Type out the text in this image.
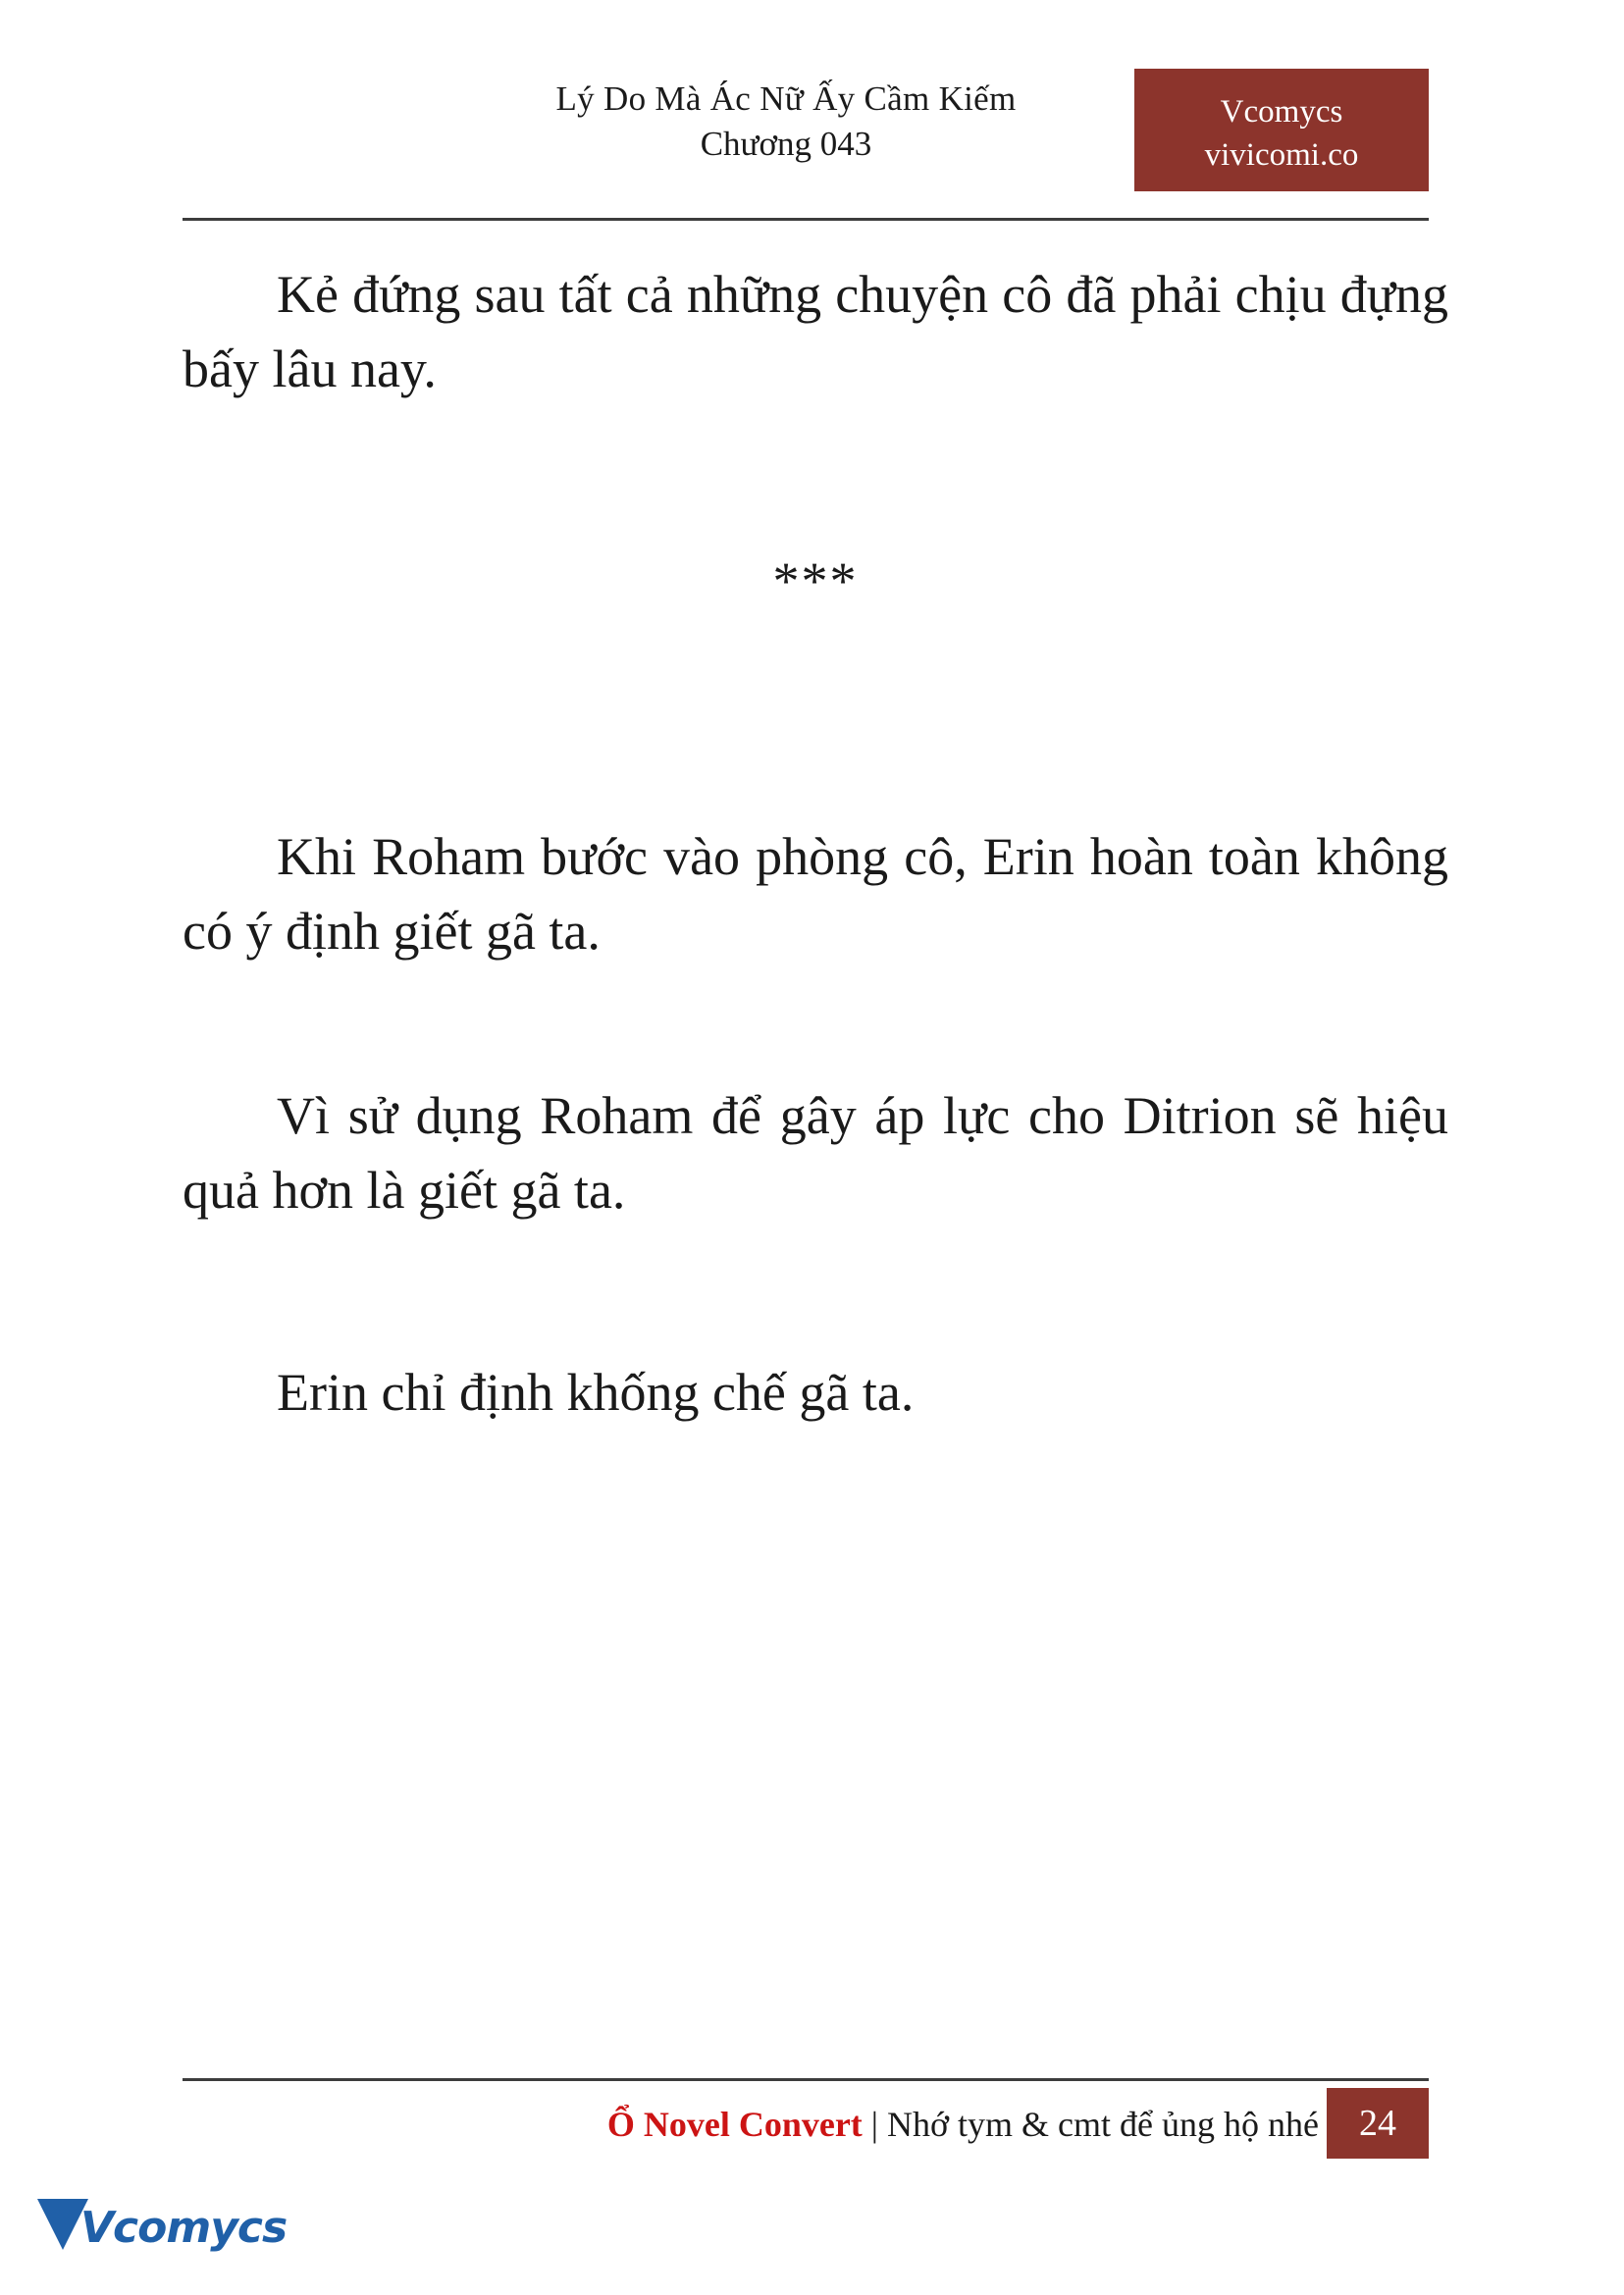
Lý Do Mà Ác Nữ Ấy Cầm Kiếm
Chương 043
Vcomycs
vivicomi.co

Kẻ đứng sau tất cả những chuyện cô đã phải chịu đựng bấy lâu nay.

***

Khi Roham bước vào phòng cô, Erin hoàn toàn không có ý định giết gã ta.

Vì sử dụng Roham để gây áp lực cho Ditrion sẽ hiệu quả hơn là giết gã ta.

Erin chỉ định khống chế gã ta.

Ổ Novel Convert | Nhớ tym & cmt để ủng hộ nhé	24
Vcomycs
